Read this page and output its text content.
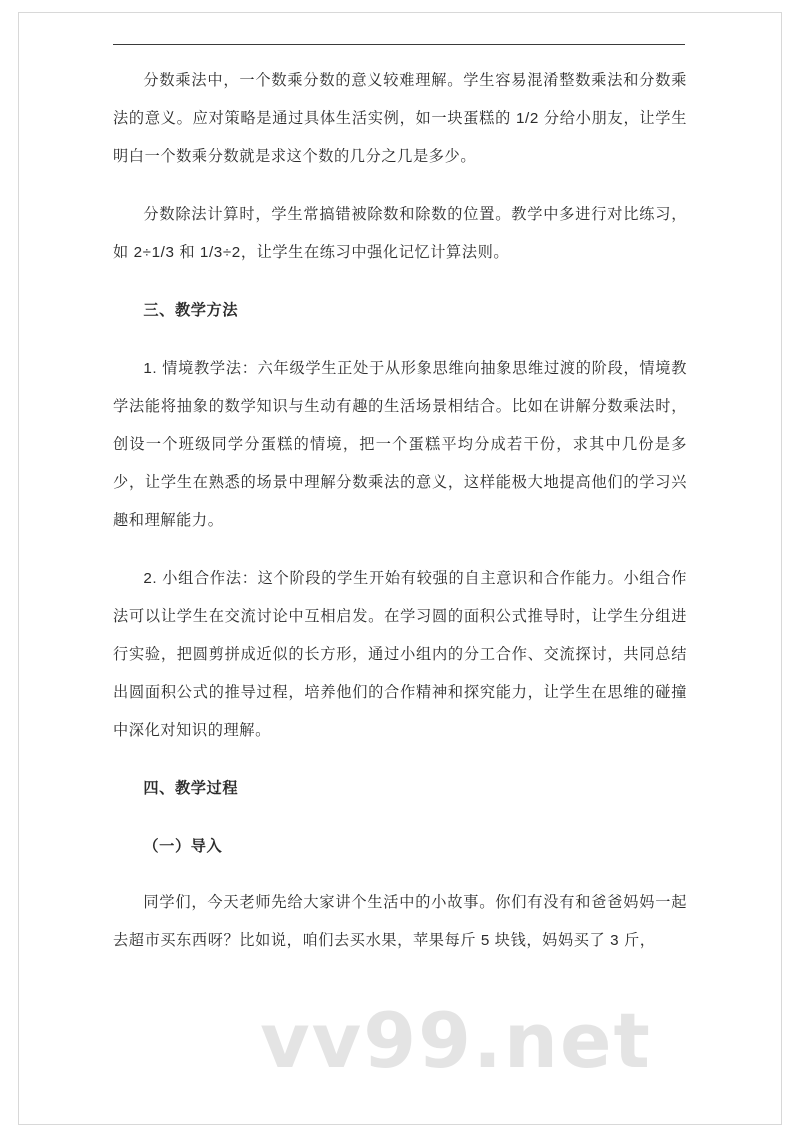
分数乘法中，一个数乘分数的意义较难理解。学生容易混淆整数乘法和分数乘法的意义。应对策略是通过具体生活实例，如一块蛋糕的 1/2 分给小朋友，让学生明白一个数乘分数就是求这个数的几分之几是多少。

分数除法计算时，学生常搞错被除数和除数的位置。教学中多进行对比练习，如 2÷1/3 和 1/3÷2，让学生在练习中强化记忆计算法则。

三、教学方法

1. 情境教学法：六年级学生正处于从形象思维向抽象思维过渡的阶段，情境教学法能将抽象的数学知识与生动有趣的生活场景相结合。比如在讲解分数乘法时，创设一个班级同学分蛋糕的情境，把一个蛋糕平均分成若干份，求其中几份是多少，让学生在熟悉的场景中理解分数乘法的意义，这样能极大地提高他们的学习兴趣和理解能力。

2. 小组合作法：这个阶段的学生开始有较强的自主意识和合作能力。小组合作法可以让学生在交流讨论中互相启发。在学习圆的面积公式推导时，让学生分组进行实验，把圆剪拼成近似的长方形，通过小组内的分工合作、交流探讨，共同总结出圆面积公式的推导过程，培养他们的合作精神和探究能力，让学生在思维的碰撞中深化对知识的理解。

四、教学过程

（一）导入

同学们，今天老师先给大家讲个生活中的小故事。你们有没有和爸爸妈妈一起去超市买东西呀？比如说，咱们去买水果，苹果每斤 5 块钱，妈妈买了 3 斤，

vv99.net
